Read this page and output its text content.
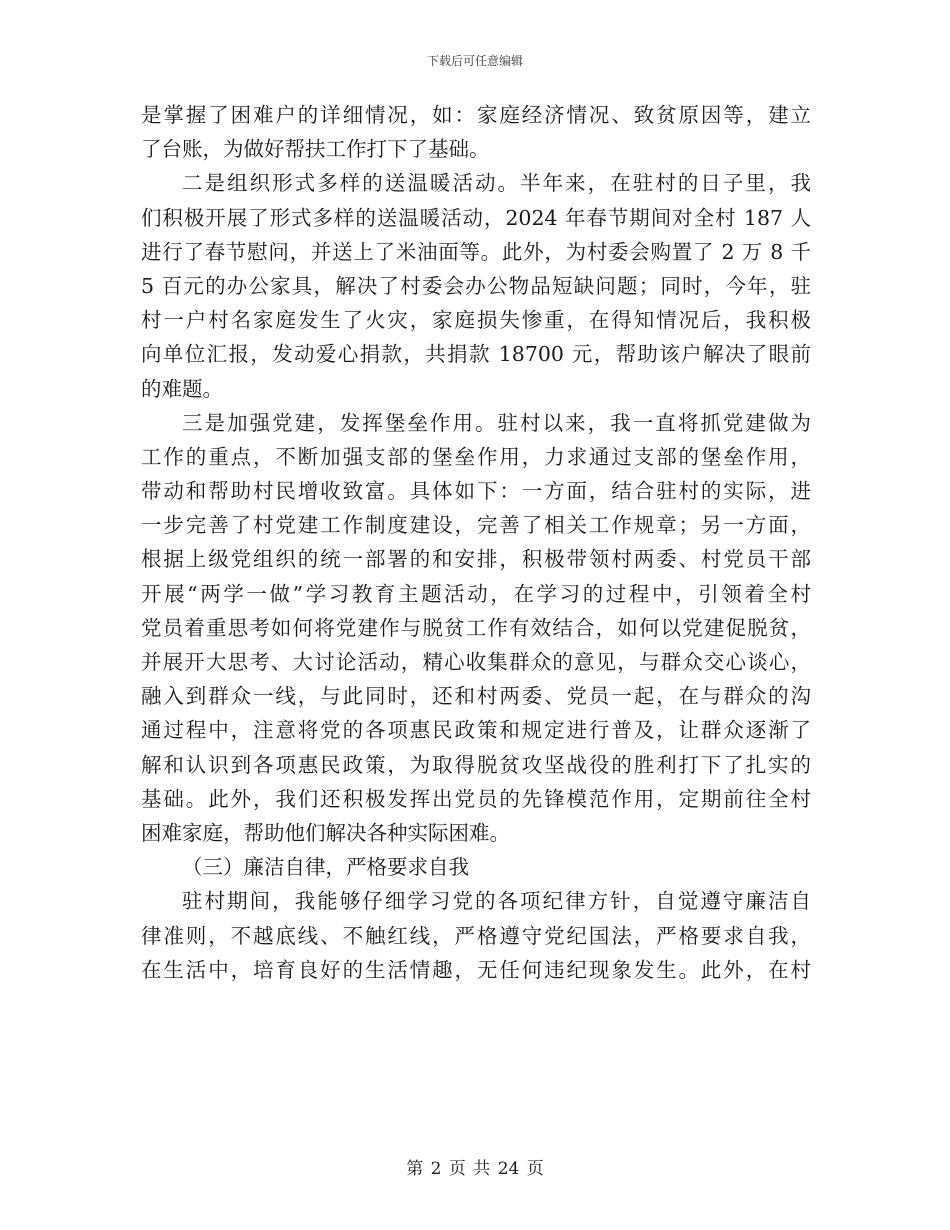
下载后可任意编辑
是掌握了困难户的详细情况，如：家庭经济情况、致贫原因等，建立
了台账，为做好帮扶工作打下了基础。
二是组织形式多样的送温暖活动。半年来，在驻村的日子里，我
们积极开展了形式多样的送温暖活动，2024 年春节期间对全村 187 人
进行了春节慰问，并送上了米油面等。此外，为村委会购置了 2 万 8 千
5 百元的办公家具，解决了村委会办公物品短缺问题；同时，今年，驻
村一户村名家庭发生了火灾，家庭损失惨重，在得知情况后，我积极
向单位汇报，发动爱心捐款，共捐款 18700 元，帮助该户解决了眼前
的难题。
三是加强党建，发挥堡垒作用。驻村以来，我一直将抓党建做为
工作的重点，不断加强支部的堡垒作用，力求通过支部的堡垒作用，
带动和帮助村民增收致富。具体如下：一方面，结合驻村的实际，进
一步完善了村党建工作制度建设，完善了相关工作规章；另一方面，
根据上级党组织的统一部署的和安排，积极带领村两委、村党员干部
开展“两学一做”学习教育主题活动，在学习的过程中，引领着全村
党员着重思考如何将党建作与脱贫工作有效结合，如何以党建促脱贫，
并展开大思考、大讨论活动，精心收集群众的意见，与群众交心谈心，
融入到群众一线，与此同时，还和村两委、党员一起，在与群众的沟
通过程中，注意将党的各项惠民政策和规定进行普及，让群众逐渐了
解和认识到各项惠民政策，为取得脱贫攻坚战役的胜利打下了扎实的
基础。此外，我们还积极发挥出党员的先锋模范作用，定期前往全村
困难家庭，帮助他们解决各种实际困难。
（三）廉洁自律，严格要求自我
驻村期间，我能够仔细学习党的各项纪律方针，自觉遵守廉洁自
律准则，不越底线、不触红线，严格遵守党纪国法，严格要求自我，
在生活中，培育良好的生活情趣，无任何违纪现象发生。此外，在村
第 2 页 共 24 页
